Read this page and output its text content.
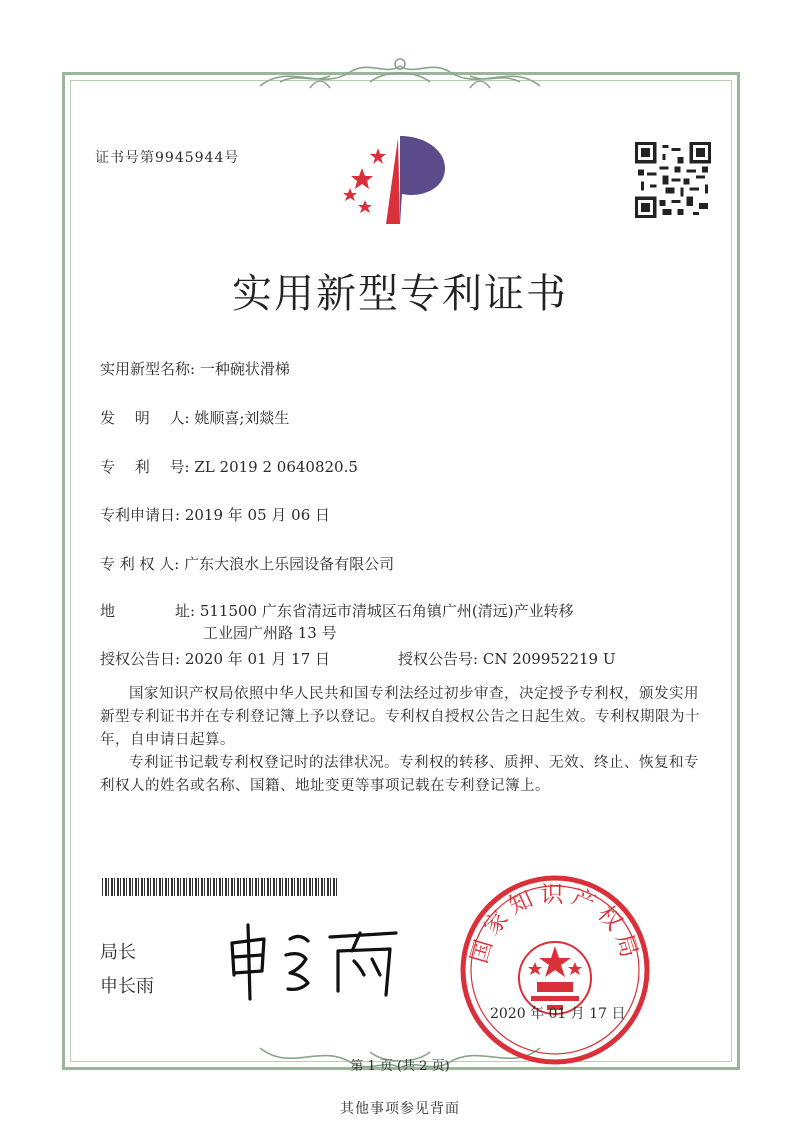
证书号第9945944号
实用新型专利证书
实用新型名称: 一种碗状滑梯
发　 明　 人: 姚顺喜;刘燚生
专　 利　 号: ZL 2019 2 0640820.5
专利申请日: 2019 年 05 月 06 日
专 利 权 人: 广东大浪水上乐园设备有限公司
地　　　　址: 511500 广东省清远市清城区石角镇广州(清远)产业转移
工业园广州路 13 号
授权公告日: 2020 年 01 月 17 日	授权公告号: CN 209952219 U
国家知识产权局依照中华人民共和国专利法经过初步审查，决定授予专利权，颁发实用新型专利证书并在专利登记簿上予以登记。专利权自授权公告之日起生效。专利权期限为十年，自申请日起算。
专利证书记载专利权登记时的法律状况。专利权的转移、质押、无效、终止、恢复和专利权人的姓名或名称、国籍、地址变更等事项记载在专利登记簿上。
局长
申长雨
国家知识产权局
2020 年 01 月 17 日
第 1 页 (共 2 页)
其他事项参见背面
